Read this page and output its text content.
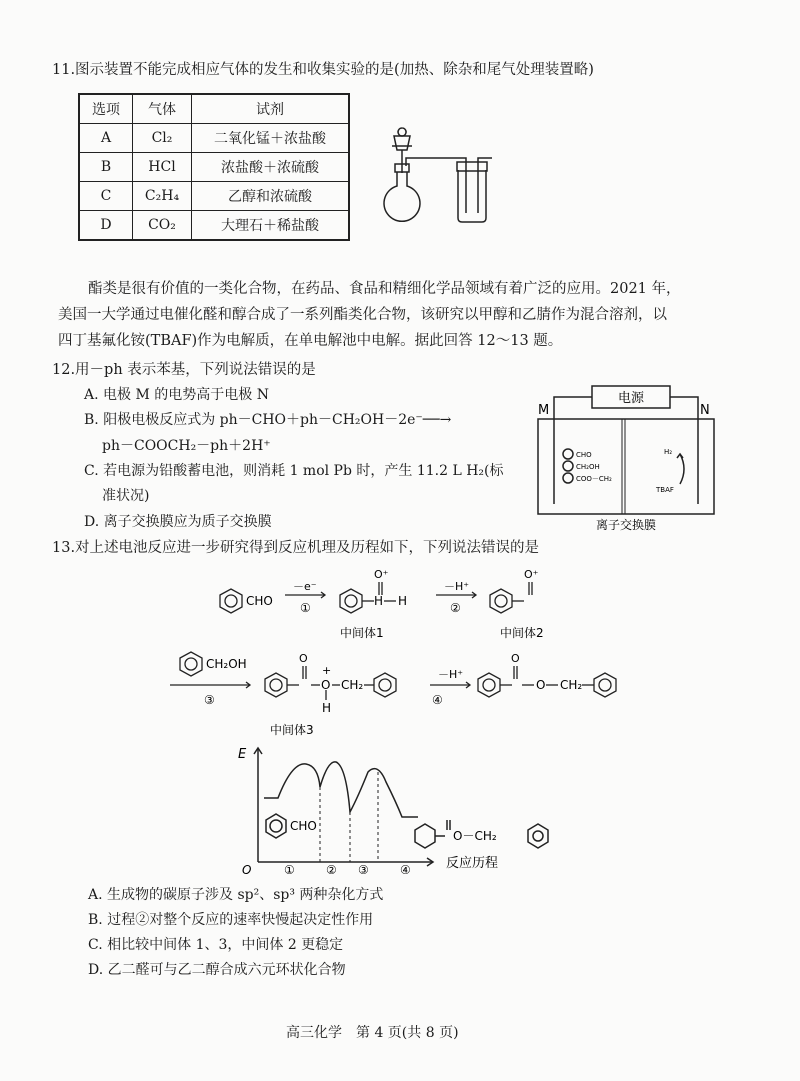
11.图示装置不能完成相应气体的发生和收集实验的是(加热、除杂和尾气处理装置略)
选项	气体	试剂
A	Cl₂	二氧化锰＋浓盐酸
B	HCl	浓盐酸＋浓硫酸
C	C₂H₄	乙醇和浓硫酸
D	CO₂	大理石＋稀盐酸
酯类是很有价值的一类化合物，在药品、食品和精细化学品领域有着广泛的应用。2021 年，
美国一大学通过电催化醛和醇合成了一系列酯类化合物，该研究以甲醇和乙腈作为混合溶剂，以
四丁基氟化铵(TBAF)作为电解质，在单电解池中电解。据此回答 12～13 题。
12.用－ph 表示苯基，下列说法错误的是
A. 电极 M 的电势高于电极 N
B. 阳极电极反应式为 ph－CHO＋ph－CH₂OH－2e⁻──→
ph－COOCH₂－ph＋2H⁺
C. 若电源为铅酸蓄电池，则消耗 1 mol Pb 时，产生 11.2 L H₂(标
准状况)
D. 离子交换膜应为质子交换膜
电源
M	N
CHO
CH₂OH
COO－CH₂
H₂
TBAF
离子交换膜
13.对上述电池反应进一步研究得到反应机理及历程如下，下列说法错误的是
CHO
－e⁻
①
O⁺
H H
－H⁺
②
O⁺
中间体1	中间体2
CH₂OH
③
O
+
O
H
CH₂
－H⁺
④
O
O CH₂
中间体3
E
O
CHO
O－CH₂
反应历程
①	② ③	④
A. 生成物的碳原子涉及 sp²、sp³ 两种杂化方式
B. 过程②对整个反应的速率快慢起决定性作用
C. 相比较中间体 1、3，中间体 2 更稳定
D. 乙二醛可与乙二醇合成六元环状化合物
高三化学　第 4 页(共 8 页)
